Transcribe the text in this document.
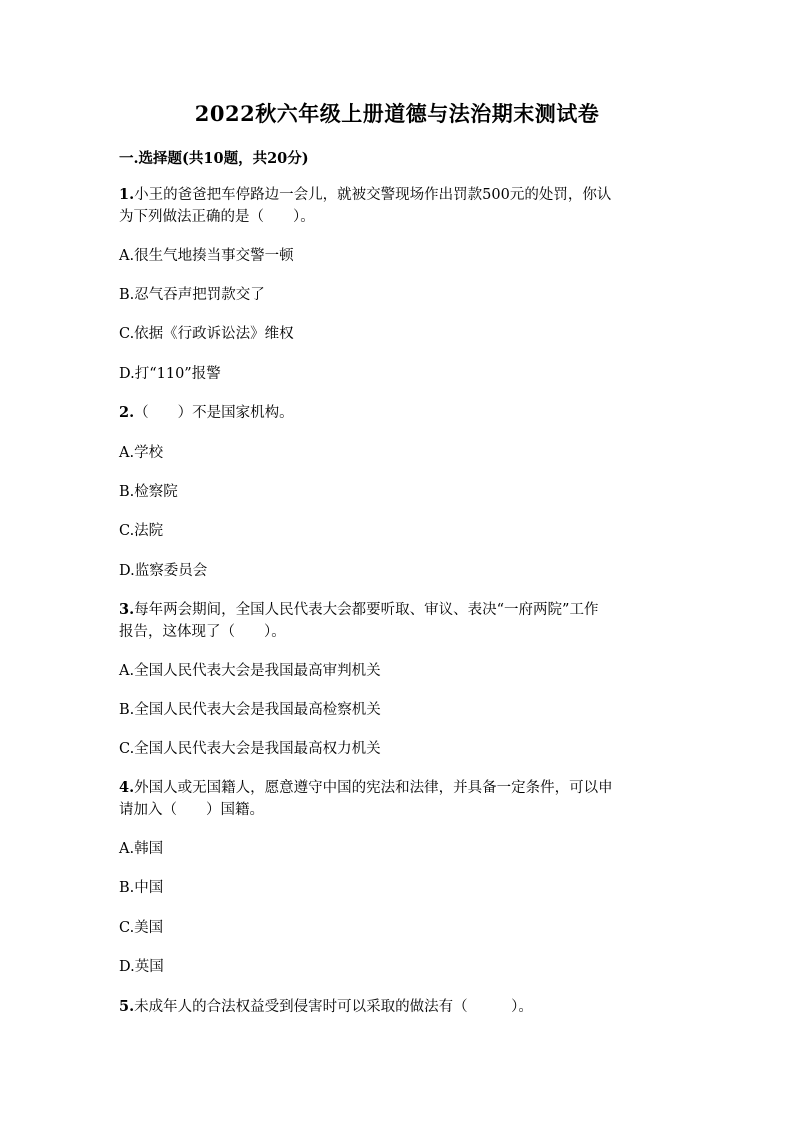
2022秋六年级上册道德与法治期末测试卷
一.选择题(共10题，共20分)
1.小王的爸爸把车停路边一会儿，就被交警现场作出罚款500元的处罚，你认
为下列做法正确的是（　　）。
A.很生气地揍当事交警一顿
B.忍气吞声把罚款交了
C.依据《行政诉讼法》维权
D.打“110”报警
2.（　　）不是国家机构。
A.学校
B.检察院
C.法院
D.监察委员会
3.每年两会期间，全国人民代表大会都要听取、审议、表决“一府两院”工作
报告，这体现了（　　）。
A.全国人民代表大会是我国最高审判机关
B.全国人民代表大会是我国最高检察机关
C.全国人民代表大会是我国最高权力机关
4.外国人或无国籍人，愿意遵守中国的宪法和法律，并具备一定条件，可以申
请加入（　　）国籍。
A.韩国
B.中国
C.美国
D.英国
5.未成年人的合法权益受到侵害时可以采取的做法有（　　　）。
